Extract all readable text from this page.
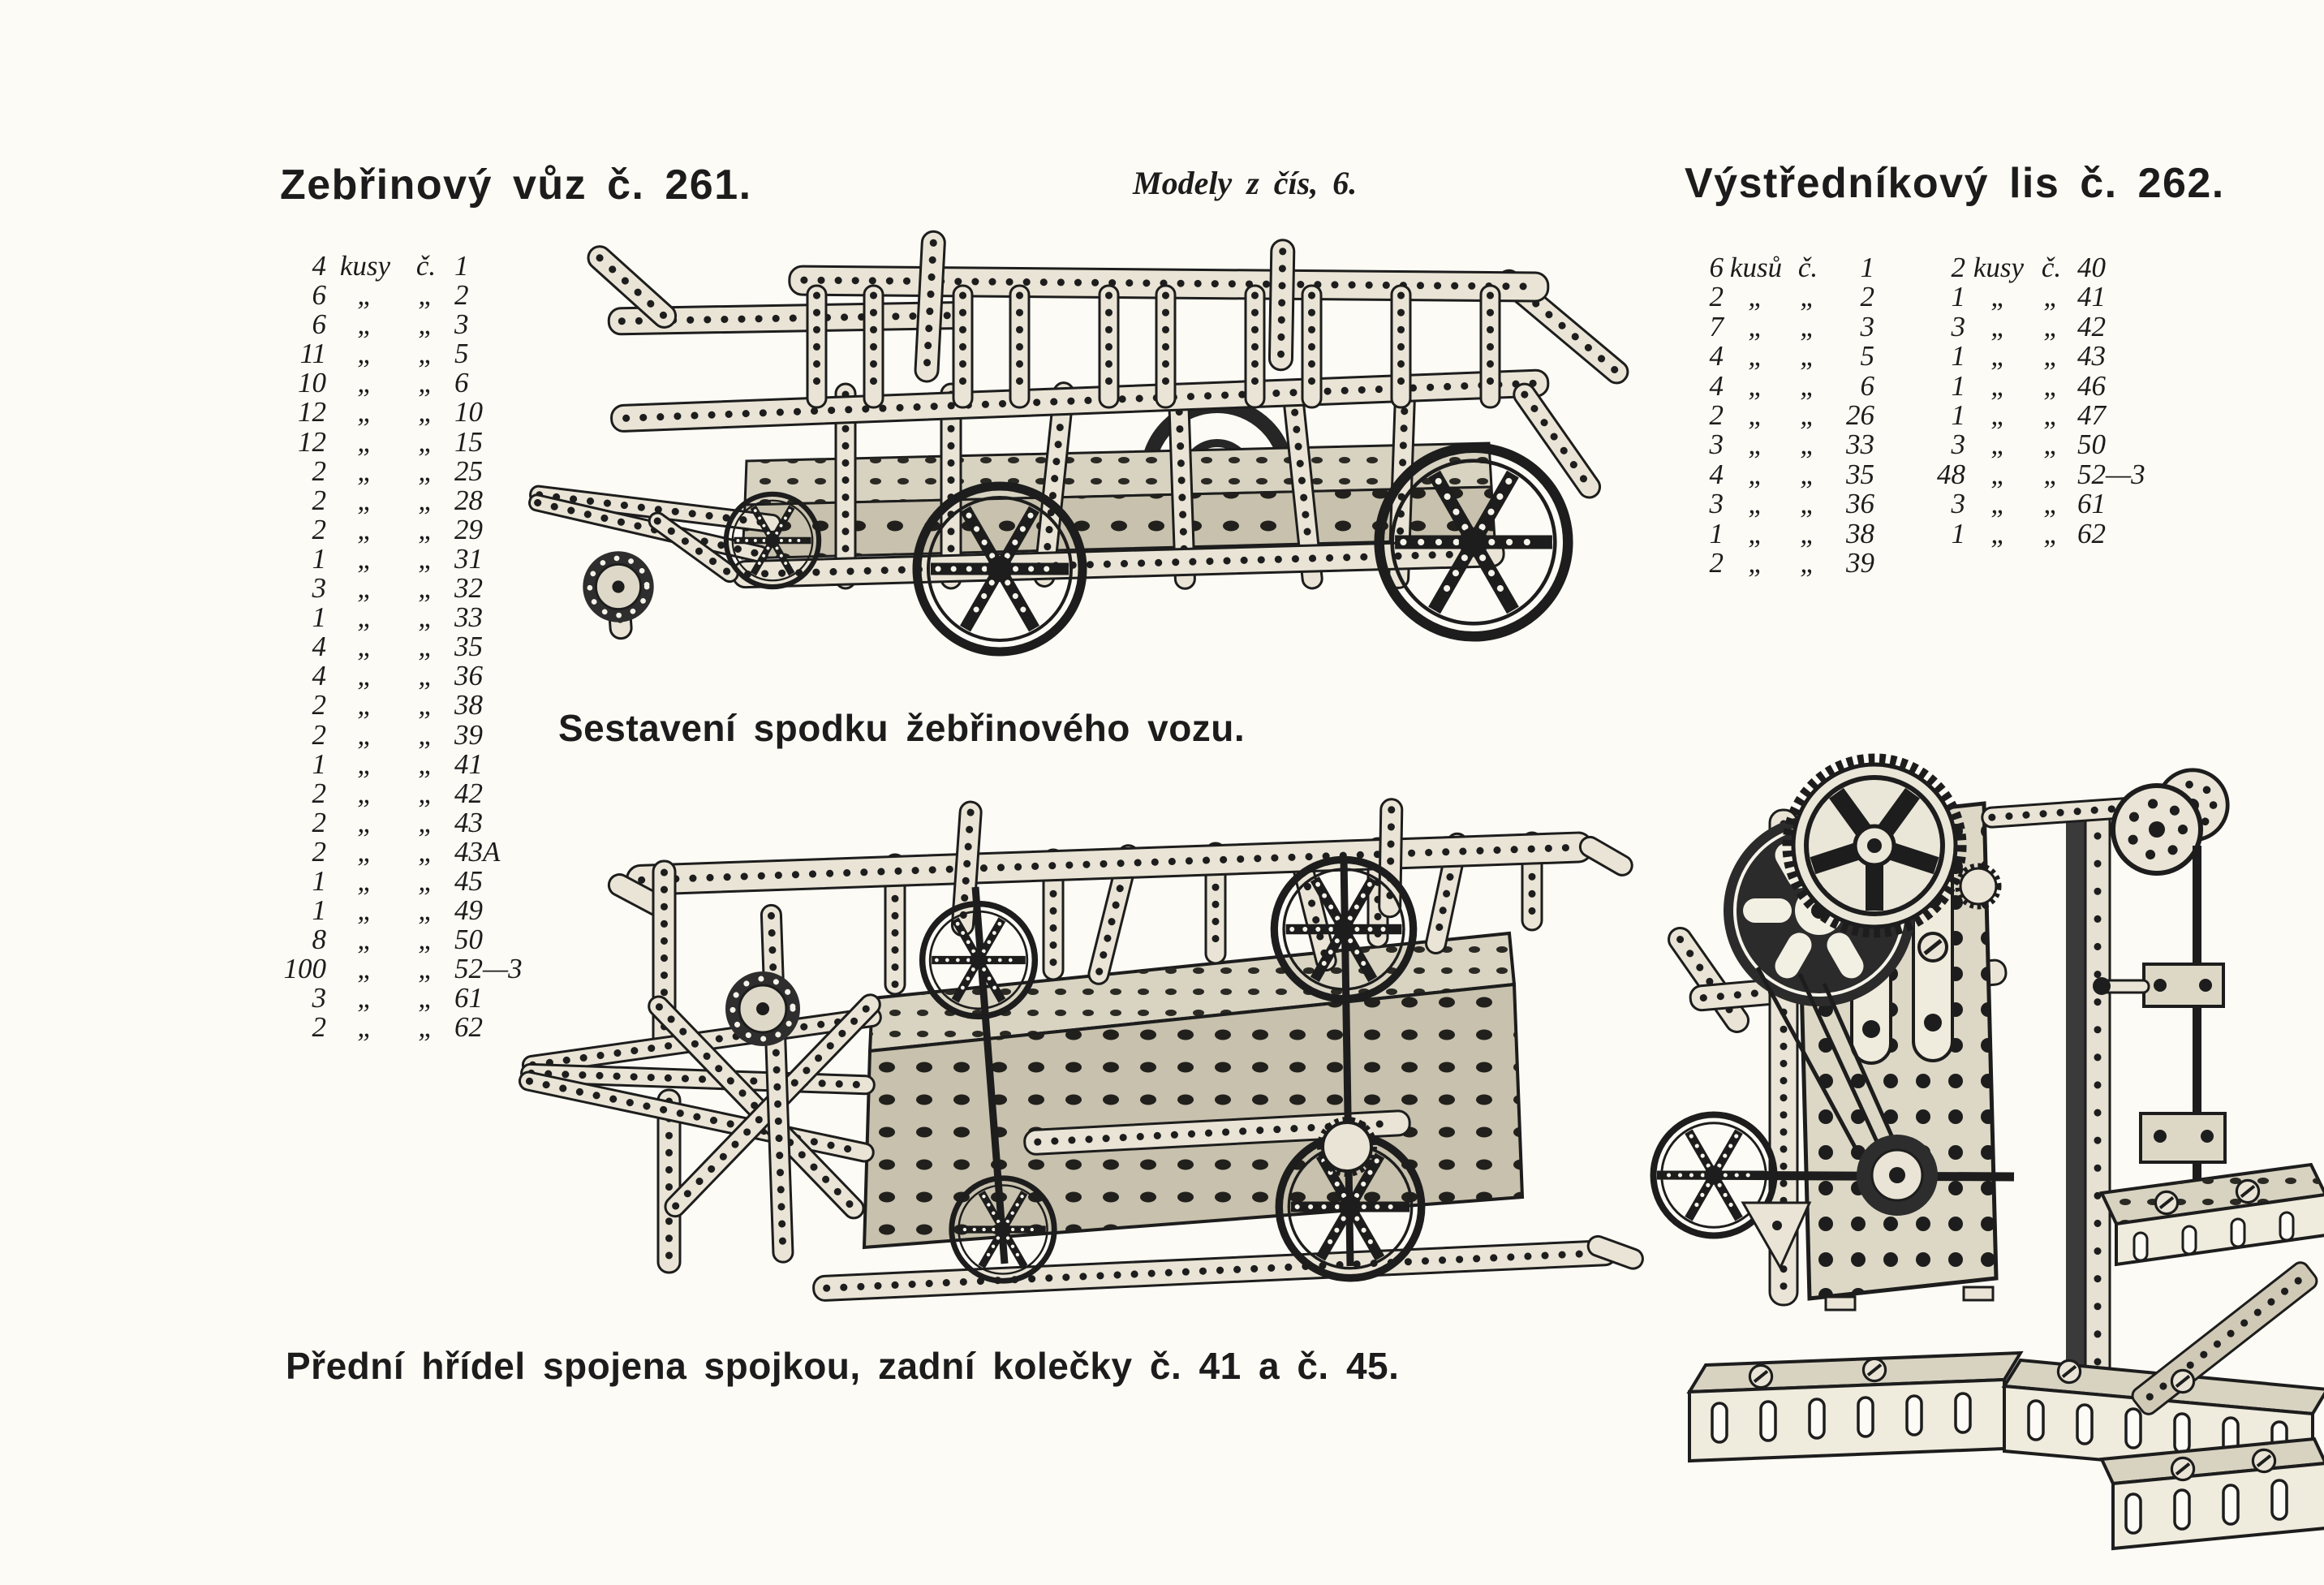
Zebřinový vůz č. 261.	Modely z čís, 6.	Výstředníkový lis č. 262.
4 kusy č. 1
6	„	„ 2
6	„	„ 3
11	„	„ 5
10	„	„ 6
12	„	„ 10
12	„	„ 15
2	„	„ 25
2	„	„ 28
2	„	„ 29
1	„	„ 31
3	„	„ 32
1	„	„ 33
4	„	„ 35
4	„	„ 36
2	„	„ 38
2	„	„ 39
1	„	„ 41
2	„	„ 42
2	„	„ 43
2	„	„ 43A
1	„	„ 45
1	„	„ 49
8	„	„ 50
100	„	„ 52—3
3	„	„ 61
2	„	„ 62
6 kusů č.	1
2 „	„	2
7 „	„	3
4 „	„	5
4 „	„	6
2 „	„	26
3 „	„	33
4 „	„	35
3 „	„	36
1 „	„	38
2 „	„	39
2 kusy č. 40
1 „	„ 41
3 „	„ 42
1 „	„ 43
1 „	„ 46
1 „	„ 47
3 „	„ 50
48 „	„ 52—3
3 „	„ 61
1 „	„ 62
Sestavení spodku žebřinového vozu.
Přední hřídel spojena spojkou, zadní kolečky č. 41 a č. 45.
